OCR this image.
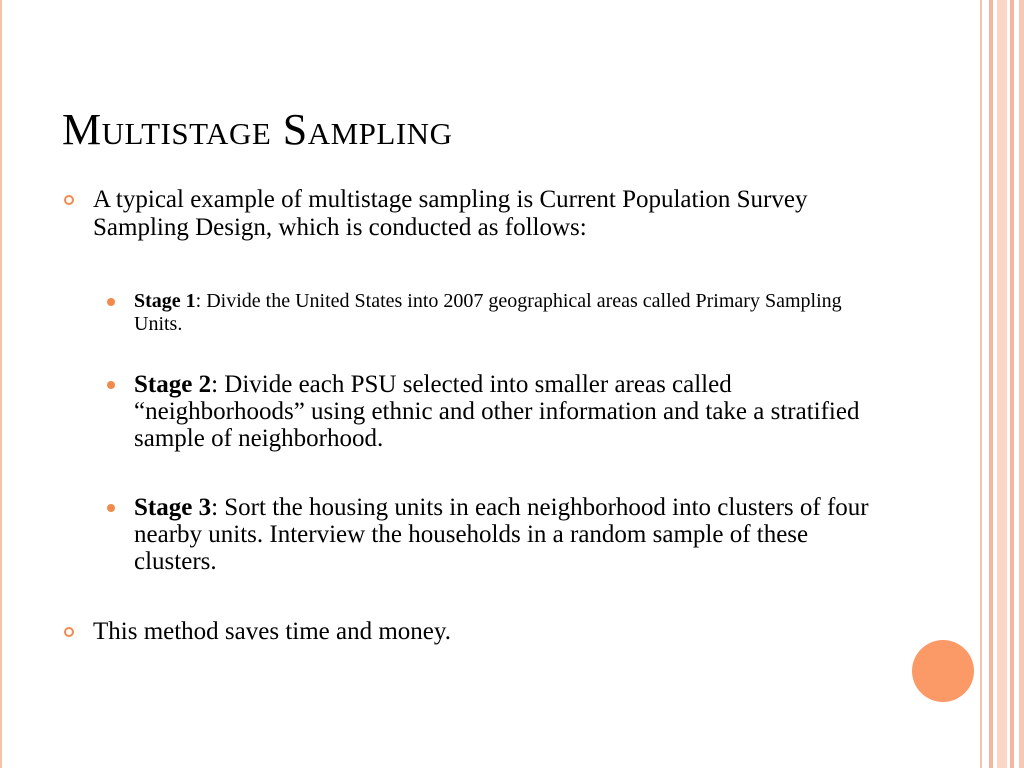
Multistage Sampling

A typical example of multistage sampling is Current Population Survey Sampling Design, which is conducted as follows:

Stage 1: Divide the United States into 2007 geographical areas called Primary Sampling Units.

Stage 2: Divide each PSU selected into smaller areas called “neighborhoods” using ethnic and other information and take a stratified sample of neighborhood.

Stage 3: Sort the housing units in each neighborhood into clusters of four nearby units. Interview the households in a random sample of these clusters.

This method saves time and money.
